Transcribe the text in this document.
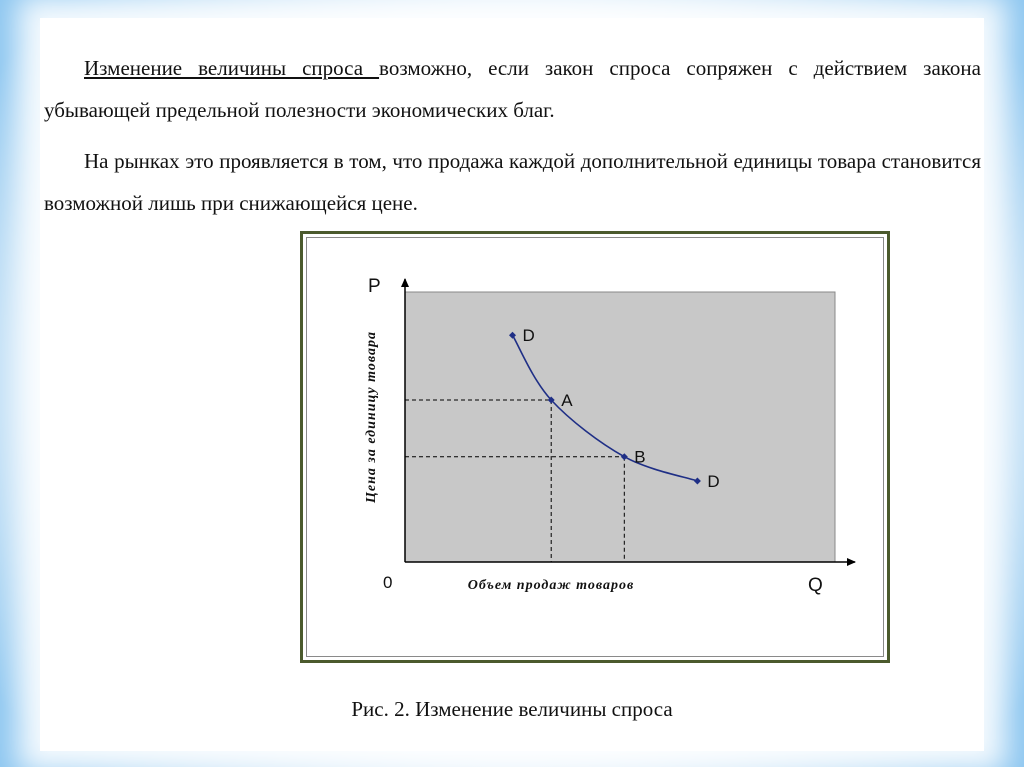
Изменение величины спроса возможно, если закон спроса сопряжен с действием закона убывающей предельной полезности экономических благ.

На рынках это проявляется в том, что продажа каждой дополнительной единицы товара становится возможной лишь при снижающейся цене.

D
A
B
D
P
Q
0
Цена за единицу товара
Объем продаж товаров
Рис. 2. Изменение величины спроса
